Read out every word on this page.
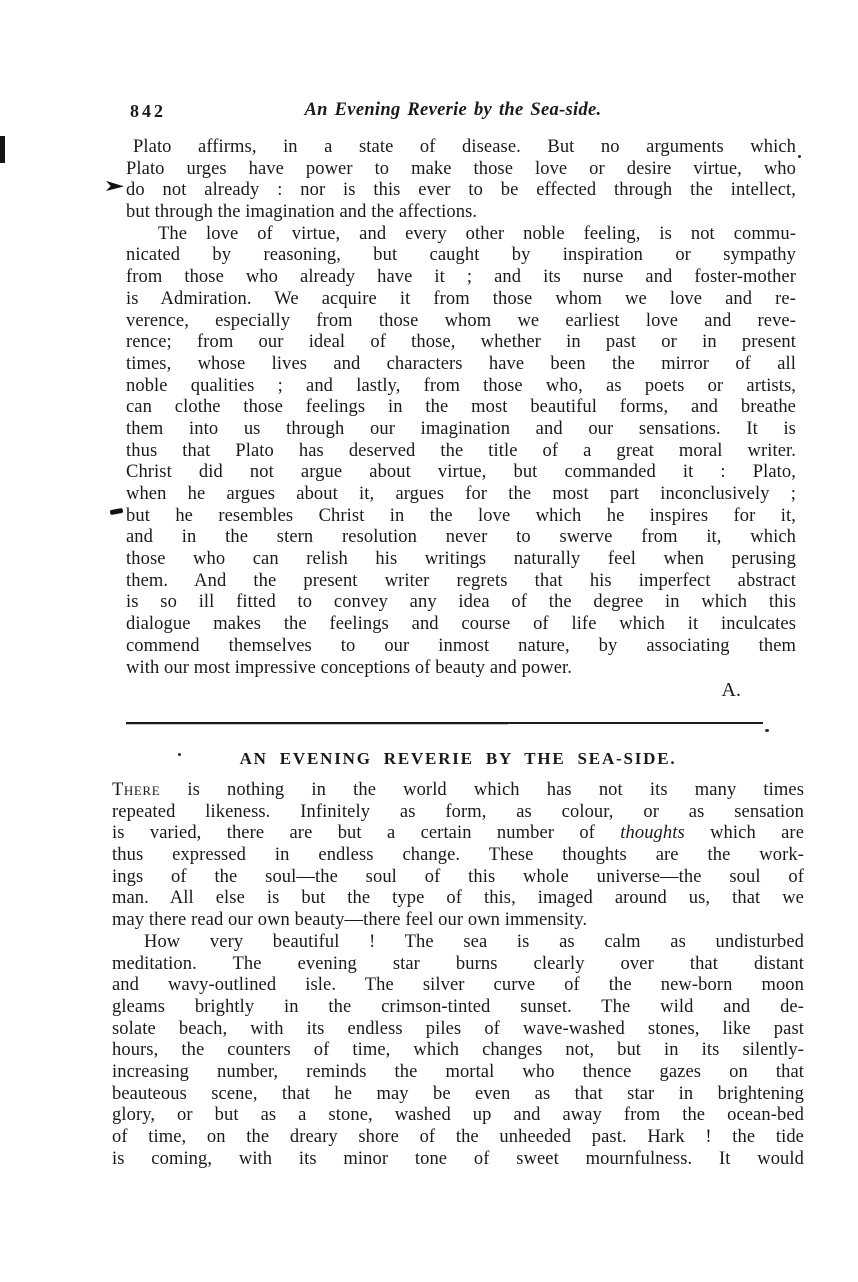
842	An Evening Reverie by the Sea-side.
Plato affirms, in a state of disease. But no arguments which
Plato urges have power to make those love or desire virtue, who
do not already : nor is this ever to be effected through the intellect,
but through the imagination and the affections.
The love of virtue, and every other noble feeling, is not commu-
nicated by reasoning, but caught by inspiration or sympathy
from those who already have it ; and its nurse and foster-mother
is Admiration. We acquire it from those whom we love and re-
verence, especially from those whom we earliest love and reve-
rence; from our ideal of those, whether in past or in present
times, whose lives and characters have been the mirror of all
noble qualities ; and lastly, from those who, as poets or artists,
can clothe those feelings in the most beautiful forms, and breathe
them into us through our imagination and our sensations. It is
thus that Plato has deserved the title of a great moral writer.
Christ did not argue about virtue, but commanded it : Plato,
when he argues about it, argues for the most part inconclusively ;
but he resembles Christ in the love which he inspires for it,
and in the stern resolution never to swerve from it, which
those who can relish his writings naturally feel when perusing
them. And the present writer regrets that his imperfect abstract
is so ill fitted to convey any idea of the degree in which this
dialogue makes the feelings and course of life which it inculcates
commend themselves to our inmost nature, by associating them
with our most impressive conceptions of beauty and power.
A.
AN EVENING REVERIE BY THE SEA-SIDE.
There is nothing in the world which has not its many times
repeated likeness. Infinitely as form, as colour, or as sensation
is varied, there are but a certain number of thoughts which are
thus expressed in endless change. These thoughts are the work-
ings of the soul—the soul of this whole universe—the soul of
man. All else is but the type of this, imaged around us, that we
may there read our own beauty—there feel our own immensity.
How very beautiful ! The sea is as calm as undisturbed
meditation. The evening star burns clearly over that distant
and wavy-outlined isle. The silver curve of the new-born moon
gleams brightly in the crimson-tinted sunset. The wild and de-
solate beach, with its endless piles of wave-washed stones, like past
hours, the counters of time, which changes not, but in its silently-
increasing number, reminds the mortal who thence gazes on that
beauteous scene, that he may be even as that star in brightening
glory, or but as a stone, washed up and away from the ocean-bed
of time, on the dreary shore of the unheeded past. Hark ! the tide
is coming, with its minor tone of sweet mournfulness. It would
